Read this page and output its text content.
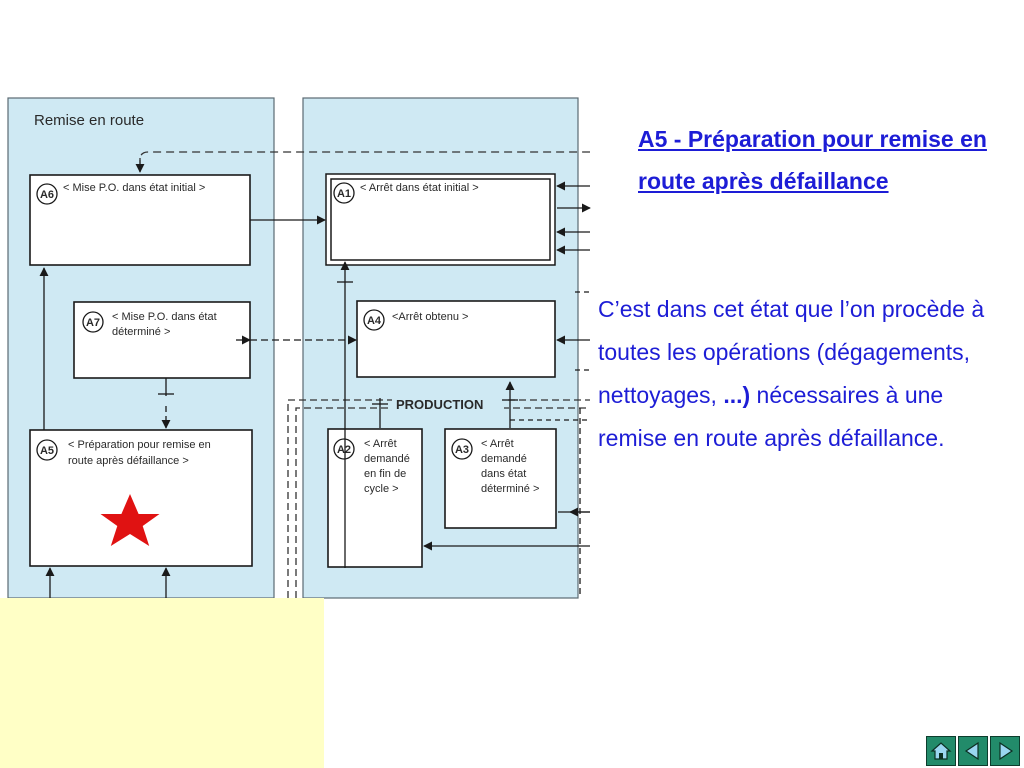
Remise en route
PRODUCTION
A6	A1
A7	A4
A5	A2	A3
< Mise P.O. dans état initial >	< Arrêt dans état initial >
< Mise P.O. dans état
déterminé >
<Arrêt obtenu >
< Préparation pour remise en
route après défaillance >
< Arrêt
demandé
en fin de
cycle >
< Arrêt
demandé
dans état
déterminé >
A5 - Préparation pour remise en route après défaillance
C’est dans cet état que l’on procède à toutes les opérations (dégagements, nettoyages, ...) nécessaires à une remise en route après défaillance.
